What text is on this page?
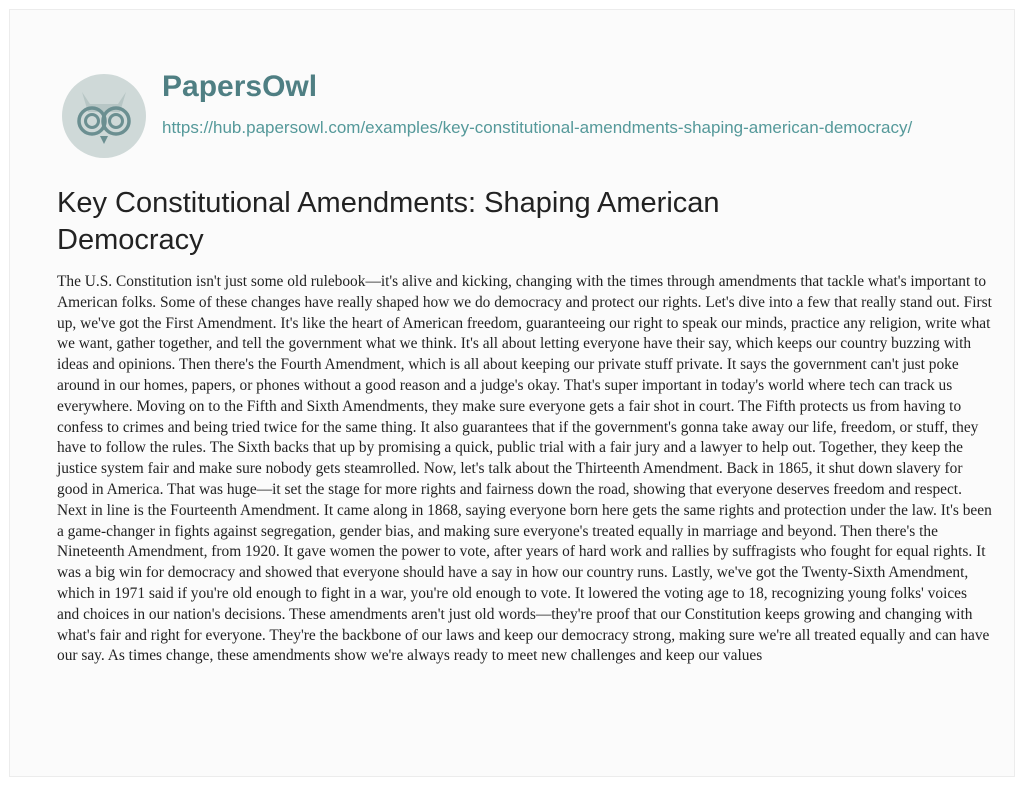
PapersOwl
https://hub.papersowl.com/examples/key-constitutional-amendments-shaping-american-democracy/
Key Constitutional Amendments: Shaping American Democracy

The U.S. Constitution isn't just some old rulebook—it's alive and kicking, changing with the times through amendments that tackle what's important to American folks. Some of these changes have really shaped how we do democracy and protect our rights. Let's dive into a few that really stand out. First up, we've got the First Amendment. It's like the heart of American freedom, guaranteeing our right to speak our minds, practice any religion, write what we want, gather together, and tell the government what we think. It's all about letting everyone have their say, which keeps our country buzzing with ideas and opinions. Then there's the Fourth Amendment, which is all about keeping our private stuff private. It says the government can't just poke around in our homes, papers, or phones without a good reason and a judge's okay. That's super important in today's world where tech can track us everywhere. Moving on to the Fifth and Sixth Amendments, they make sure everyone gets a fair shot in court. The Fifth protects us from having to confess to crimes and being tried twice for the same thing. It also guarantees that if the government's gonna take away our life, freedom, or stuff, they have to follow the rules. The Sixth backs that up by promising a quick, public trial with a fair jury and a lawyer to help out. Together, they keep the justice system fair and make sure nobody gets steamrolled. Now, let's talk about the Thirteenth Amendment. Back in 1865, it shut down slavery for good in America. That was huge—it set the stage for more rights and fairness down the road, showing that everyone deserves freedom and respect. Next in line is the Fourteenth Amendment. It came along in 1868, saying everyone born here gets the same rights and protection under the law. It's been a game-changer in fights against segregation, gender bias, and making sure everyone's treated equally in marriage and beyond. Then there's the Nineteenth Amendment, from 1920. It gave women the power to vote, after years of hard work and rallies by suffragists who fought for equal rights. It was a big win for democracy and showed that everyone should have a say in how our country runs. Lastly, we've got the Twenty-Sixth Amendment, which in 1971 said if you're old enough to fight in a war, you're old enough to vote. It lowered the voting age to 18, recognizing young folks' voices and choices in our nation's decisions. These amendments aren't just old words—they're proof that our Constitution keeps growing and changing with what's fair and right for everyone. They're the backbone of our laws and keep our democracy strong, making sure we're all treated equally and can have our say. As times change, these amendments show we're always ready to meet new challenges and keep our values
